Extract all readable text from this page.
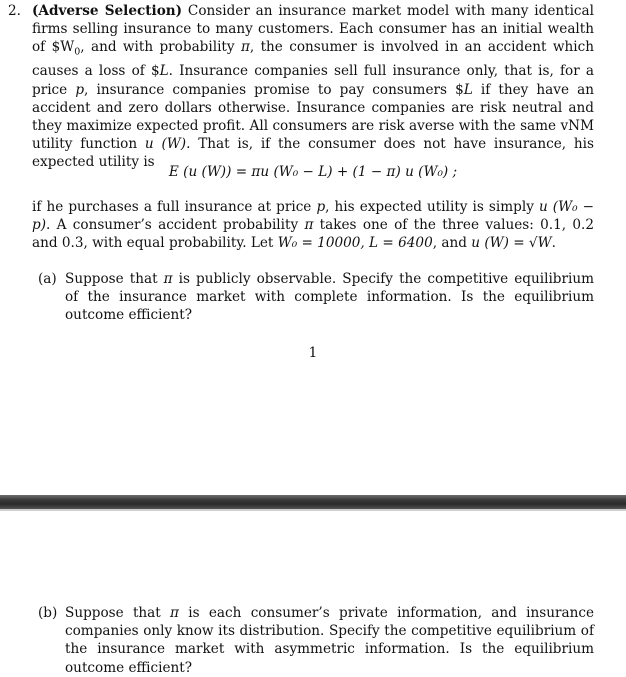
2. (Adverse Selection) Consider an insurance market model with many identical firms selling insurance to many customers. Each consumer has an initial wealth of $\$W_0$, and with probability π, the consumer is involved in an accident which causes a loss of $L. Insurance companies sell full insurance only, that is, for a price p, insurance companies promise to pay consumers $L if they have an accident and zero dollars otherwise. Insurance companies are risk neutral and they maximize expected profit. All consumers are risk averse with the same vNM utility function u (W). That is, if the consumer does not have insurance, his expected utility is
E (u (W)) = πu (W₀ − L) + (1 − π) u (W₀) ;
if he purchases a full insurance at price p, his expected utility is simply u (W₀ − p). A consumer’s accident probability π takes one of the three values: 0.1, 0.2 and 0.3, with equal probability. Let W₀ = 10000, L = 6400, and u (W) = √W.
(a) Suppose that π is publicly observable. Specify the competitive equilibrium of the insurance market with complete information. Is the equilibrium outcome efficient?
1
(b) Suppose that π is each consumer’s private information, and insurance companies only know its distribution. Specify the competitive equilibrium of the insurance market with asymmetric information. Is the equilibrium outcome efficient?
